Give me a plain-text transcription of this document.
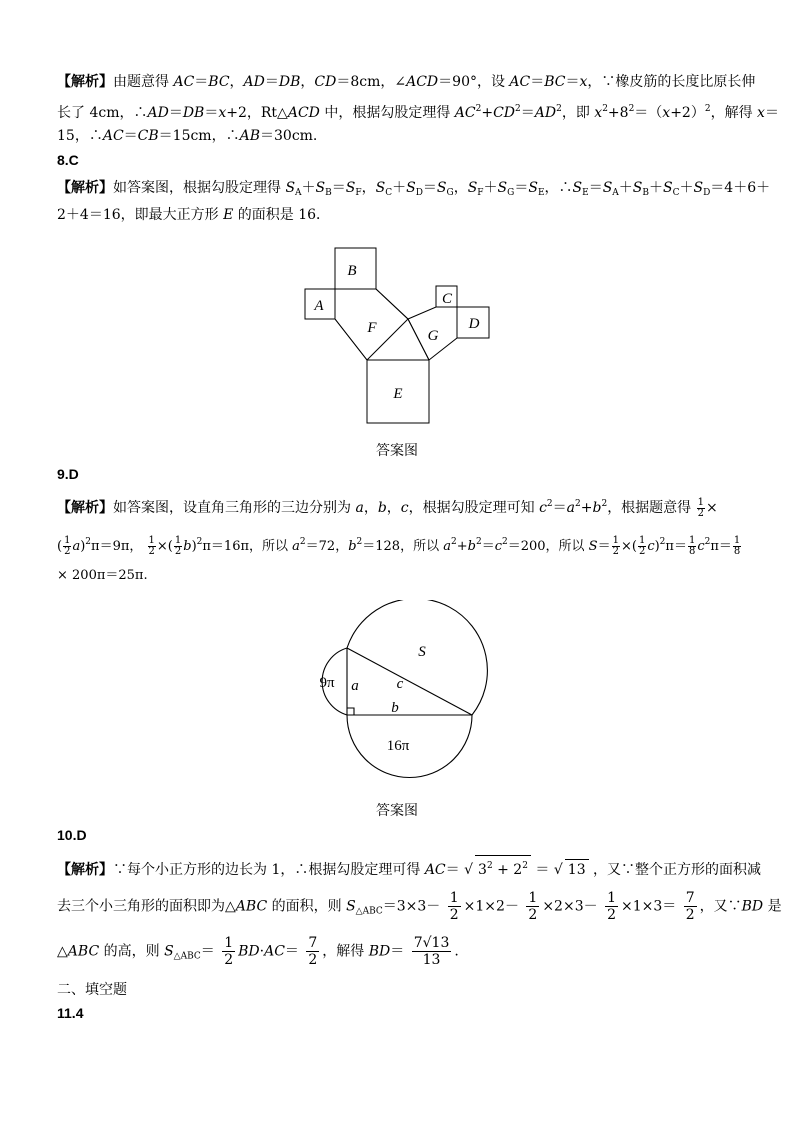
【解析】由题意得 AC＝BC，AD＝DB，CD＝8cm，∠ACD＝90°，设 AC＝BC＝x，∵橡皮筋的长度比原长伸
长了 4cm，∴AD＝DB＝x+2，Rt△ACD 中，根据勾股定理得 $AC^2+CD^2=AD^2$，即 $x^2+8^2=(x+2)^2$，解得 x＝
15，∴AC＝CB＝15cm，∴AB＝30cm.
8.C
【解析】如答案图，根据勾股定理得 $S_A+S_B=S_F$，$S_C+S_D=S_G$，$S_F+S_G=S_E$，$\therefore S_E=S_A+S_B+S_C+S_D=4+6+$
2＋4＝16，即最大正方形 E 的面积是 16．
B
A
F	G
C
D
E
答案图
9.D
【解析】如答案图，设直角三角形的三边分别为 a，b，c，根据勾股定理可知 $c^2=a^2+b^2$，根据题意得 $\frac{1}{2}$ ×
( $\frac{1}{2} a)^2\pi=9\pi$， $\frac{1}{2}$ ×( $\frac{1}{2} b)^2\pi=16\pi$，所以 $a^2=72$，$b^2=128$，所以 $a^2+b^2=c^2=200$，所以 $S= \frac{1}{2}$ ×( $\frac{1}{2} c)^2\pi= \frac{1}{8} c^2\pi= \frac{1}{8}$
× 200π＝25π.
S
9π a	c
b
16π
答案图
10.D
【解析】∵每个小正方形的边长为 1，∴根据勾股定理可得 AC＝ √ $3^2 + 2^2$ ＝ √ 13 ，又∵整个正方形的面积减
去三个小三角形的面积即为△ABC 的面积，则 $S_{\triangle ABC}=3\times 3- \frac{1}{2} \times 1\times 2- \frac{1}{2} \times 2\times 3- \frac{1}{2} \times 1\times 3= \frac{7}{2}$ ，又∵BD 是
△ABC 的高，则 $S_{\triangle ABC}= \frac{1}{2} BD\cdot AC= \frac{7}{2}$ ，解得 $BD= \frac{7√13}{13}$ .
二、填空题
11.4
